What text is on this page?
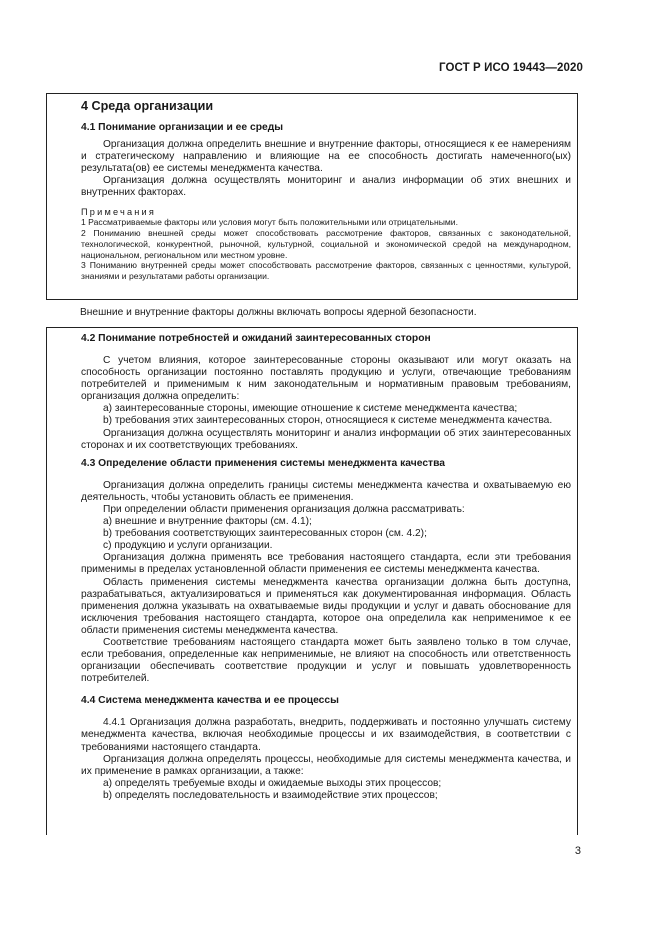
ГОСТ Р ИСО 19443—2020
4 Среда организации
4.1 Понимание организации и ее среды

Организация должна определить внешние и внутренние факторы, относящиеся к ее намерениям и стратегическому направлению и влияющие на ее способность достигать намеченного(ых) результата(ов) ее системы менеджмента качества.

Организация должна осуществлять мониторинг и анализ информации об этих внешних и внутренних факторах.

Примечания

1 Рассматриваемые факторы или условия могут быть положительными или отрицательными.

2 Пониманию внешней среды может способствовать рассмотрение факторов, связанных с законодательной, технологической, конкурентной, рыночной, культурной, социальной и экономической средой на международном, национальном, региональном или местном уровне.

3 Пониманию внутренней среды может способствовать рассмотрение факторов, связанных с ценностями, культурой, знаниями и результатами работы организации.

Внешние и внутренние факторы должны включать вопросы ядерной безопасности.
4.2 Понимание потребностей и ожиданий заинтересованных сторон

С учетом влияния, которое заинтересованные стороны оказывают или могут оказать на способность организации постоянно поставлять продукцию и услуги, отвечающие требованиям потребителей и применимым к ним законодательным и нормативным правовым требованиям, организация должна определить:

a) заинтересованные стороны, имеющие отношение к системе менеджмента качества;

b) требования этих заинтересованных сторон, относящиеся к системе менеджмента качества.

Организация должна осуществлять мониторинг и анализ информации об этих заинтересованных сторонах и их соответствующих требованиях.

4.3 Определение области применения системы менеджмента качества

Организация должна определить границы системы менеджмента качества и охватываемую ею деятельность, чтобы установить область ее применения.

При определении области применения организация должна рассматривать:

a) внешние и внутренние факторы (см. 4.1);

b) требования соответствующих заинтересованных сторон (см. 4.2);

c) продукцию и услуги организации.

Организация должна применять все требования настоящего стандарта, если эти требования применимы в пределах установленной области применения ее системы менеджмента качества.

Область применения системы менеджмента качества организации должна быть доступна, разрабатываться, актуализироваться и применяться как документированная информация. Область применения должна указывать на охватываемые виды продукции и услуг и давать обоснование для исключения требования настоящего стандарта, которое она определила как неприменимое к ее области применения системы менеджмента качества.

Соответствие требованиям настоящего стандарта может быть заявлено только в том случае, если требования, определенные как неприменимые, не влияют на способность или ответственность организации обеспечивать соответствие продукции и услуг и повышать удовлетворенность потребителей.

4.4 Система менеджмента качества и ее процессы

4.4.1 Организация должна разработать, внедрить, поддерживать и постоянно улучшать систему менеджмента качества, включая необходимые процессы и их взаимодействия, в соответствии с требованиями настоящего стандарта.

Организация должна определять процессы, необходимые для системы менеджмента качества, и их применение в рамках организации, а также:

a) определять требуемые входы и ожидаемые выходы этих процессов;

b) определять последовательность и взаимодействие этих процессов;

3
